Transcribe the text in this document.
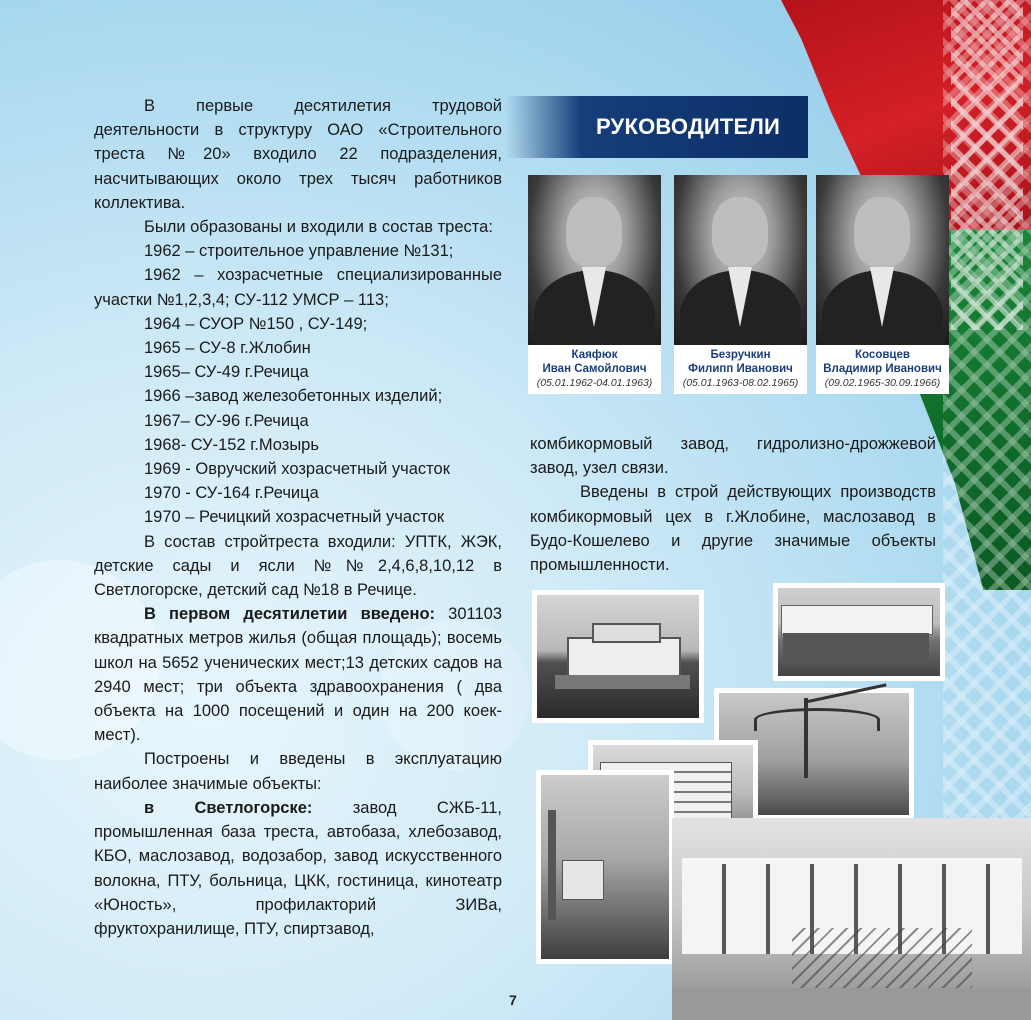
В первые десятилетия трудовой деятельности в структуру ОАО «Строительного треста №20» входило 22 подразделения, насчитывающих около трех тысяч работников коллектива.

Были образованы и входили в состав треста:

1962 – строительное управление №131;

1962 – хозрасчетные специализированные участки №1,2,3,4; СУ-112 УМСР – 113;

1964 – СУОР №150 , СУ-149;

1965 – СУ-8 г.Жлобин

1965– СУ-49 г.Речица

1966 –завод железобетонных изделий;

1967– СУ-96 г.Речица

1968- СУ-152 г.Мозырь

1969 - Овручский хозрасчетный участок

1970 - СУ-164 г.Речица

1970 – Речицкий хозрасчетный участок

В состав стройтреста входили: УПТК, ЖЭК, детские сады и ясли №№2,4,6,8,10,12 в Светлогорске, детский сад №18 в Речице.

В первом десятилетии введено: 301103 квадратных метров жилья (общая площадь); восемь школ на 5652 ученических мест;13 детских садов на 2940 мест; три объекта здравоохранения ( два объекта на 1000 посещений и один на 200 коек-мест).

Построены и введены в эксплуатацию наиболее значимые объекты:

в Светлогорске: завод СЖБ-11, промышленная база треста, автобаза, хлебозавод, КБО, маслозавод, водозабор, завод искусственного волокна, ПТУ, больница, ЦКК, гостиница, кинотеатр «Юность», профилакторий ЗИВа, фруктохранилище, ПТУ, спиртзавод,

РУКОВОДИТЕЛИ
Каяфюк
Иван Самойлович
(05.01.1962-04.01.1963)
Безручкин
Филипп Иванович
(05.01.1963-08.02.1965)
Косовцев
Владимир Иванович
(09.02.1965-30.09.1966)

комбикормовый завод, гидролизно-дрожжевой завод, узел связи.

Введены в строй действующих производств комбикормовый цех в г.Жлобине, маслозавод в Будо-Кошелево и другие значимые объекты промышленности.

7
